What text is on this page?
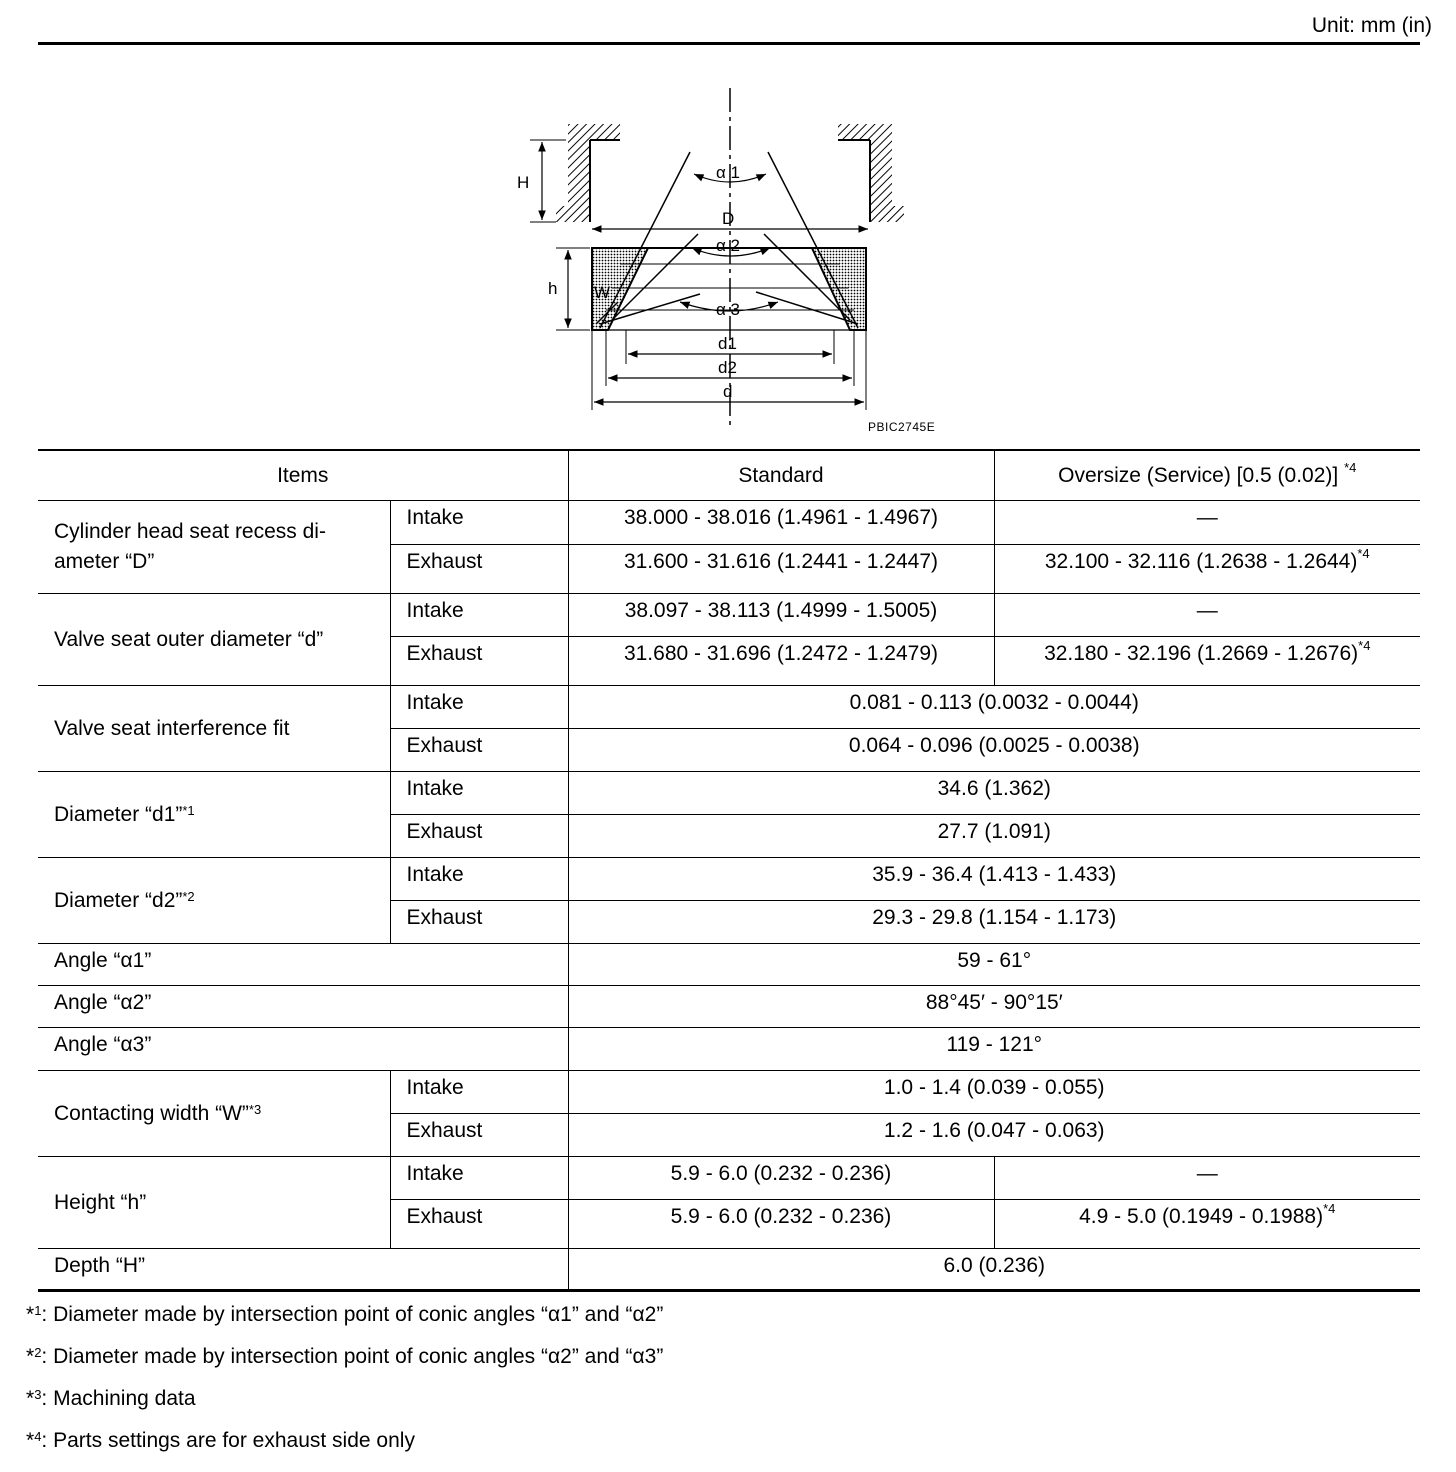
Unit: mm (in)
H
D
h W
α 1
α 2
α 3
d1
d2
d
PBIC2745E
Items		Standard	Oversize (Service) [0.5 (0.02)] $^{*4}$
Cylinder head seat recess di-
ameter “D”	Intake	38.000 - 38.016 (1.4961 - 1.4967)	—
	Exhaust	31.600 - 31.616 (1.2441 - 1.2447)	32.100 - 32.116 (1.2638 - 1.2644)$^{*4}$
Valve seat outer diameter “d”	Intake	38.097 - 38.113 (1.4999 - 1.5005)	—
	Exhaust	31.680 - 31.696 (1.2472 - 1.2479)	32.180 - 32.196 (1.2669 - 1.2676)$^{*4}$
Valve seat interference fit	Intake	0.081 - 0.113 (0.0032 - 0.0044)	
	Exhaust	0.064 - 0.096 (0.0025 - 0.0038)	
Diameter “d1”$^{*1}$	Intake	34.6 (1.362)	
	Exhaust	27.7 (1.091)	
Diameter “d2”$^{*2}$	Intake	35.9 - 36.4 (1.413 - 1.433)	
	Exhaust	29.3 - 29.8 (1.154 - 1.173)	
Angle “α1”		59 - 61°	
Angle “α2”		88°45′ - 90°15′	
Angle “α3”		119 - 121°	
Contacting width “W”$^{*3}$	Intake	1.0 - 1.4 (0.039 - 0.055)	
	Exhaust	1.2 - 1.6 (0.047 - 0.063)	
Height “h”	Intake	5.9 - 6.0 (0.232 - 0.236)	—
	Exhaust	5.9 - 6.0 (0.232 - 0.236)	4.9 - 5.0 (0.1949 - 0.1988)$^{*4}$
Depth “H”		6.0 (0.236)	
*$^1$: Diameter made by intersection point of conic angles “α1” and “α2”
*$^2$: Diameter made by intersection point of conic angles “α2” and “α3”
*$^3$: Machining data
*$^4$: Parts settings are for exhaust side only
